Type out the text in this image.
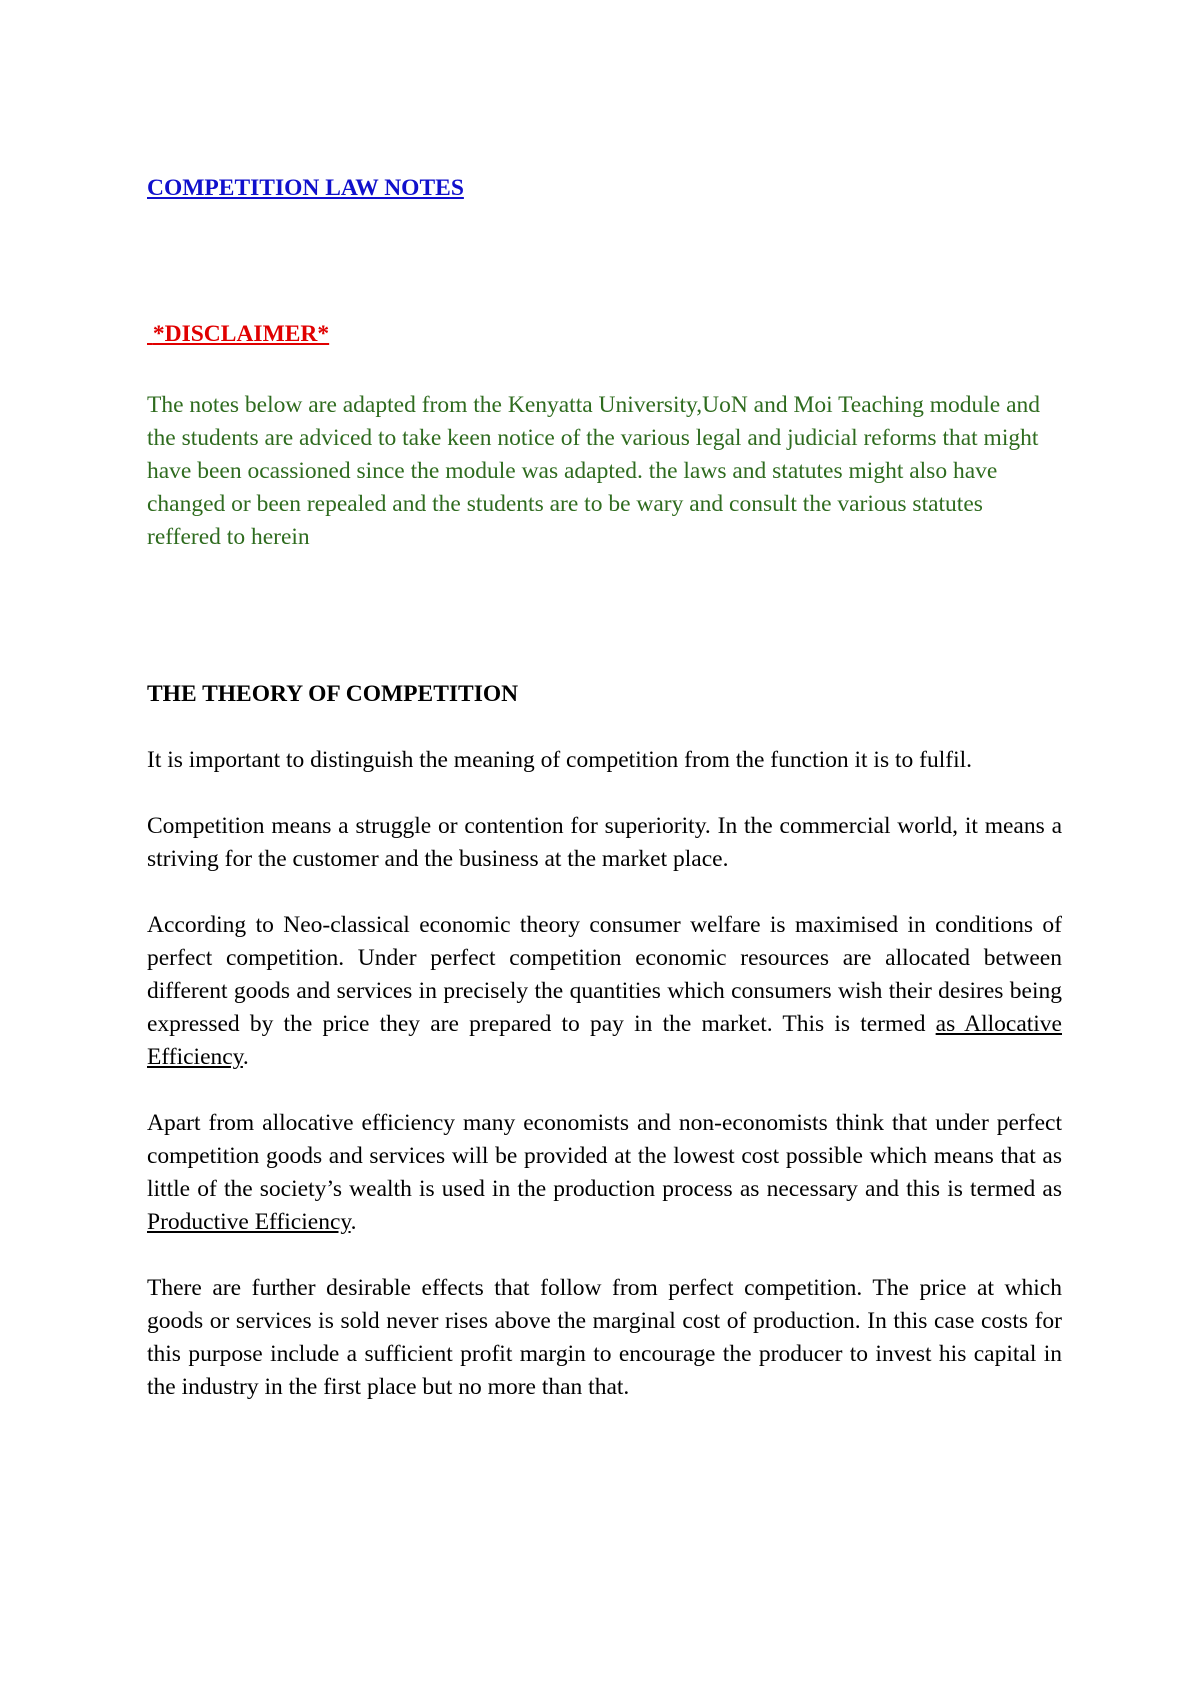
COMPETITION LAW NOTES
*DISCLAIMER*

The notes below are adapted from the Kenyatta University,UoN and Moi Teaching module and the students are adviced to take keen notice of the various legal and judicial reforms that might have been ocassioned since the module was adapted. the laws and statutes might also have changed or been repealed and the students are to be wary and consult the various statutes reffered to herein

THE THEORY OF COMPETITION

It is important to distinguish the meaning of competition from the function it is to fulfil.

Competition means a struggle or contention for superiority. In the commercial world, it means a striving for the customer and the business at the market place.

According to Neo-classical economic theory consumer welfare is maximised in conditions of perfect competition. Under perfect competition economic resources are allocated between different goods and services in precisely the quantities which consumers wish their desires being expressed by the price they are prepared to pay in the market. This is termed as Allocative Efficiency.

Apart from allocative efficiency many economists and non-economists think that under perfect competition goods and services will be provided at the lowest cost possible which means that as little of the society’s wealth is used in the production process as necessary and this is termed as Productive Efficiency.

There are further desirable effects that follow from perfect competition. The price at which goods or services is sold never rises above the marginal cost of production. In this case costs for this purpose include a sufficient profit margin to encourage the producer to invest his capital in the industry in the first place but no more than that.
